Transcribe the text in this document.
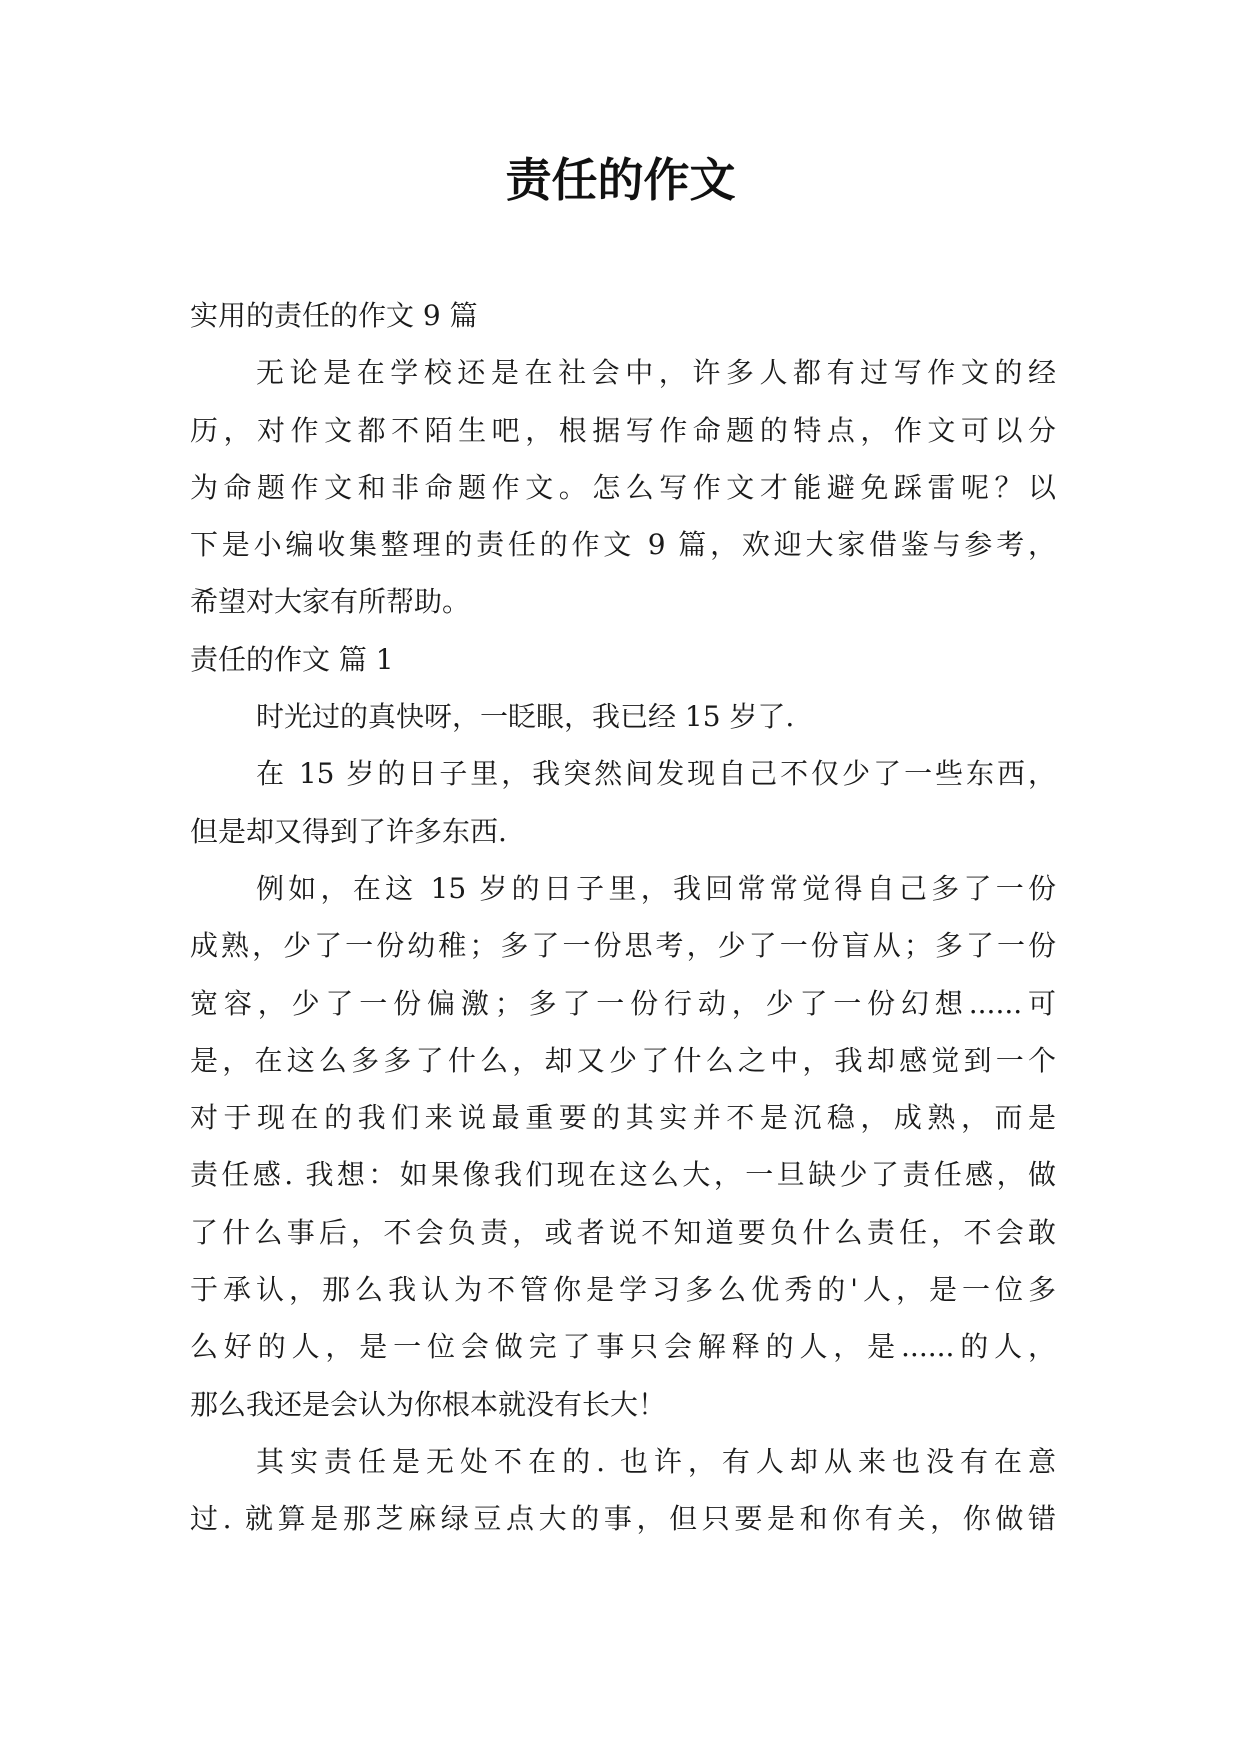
责任的作文

实用的责任的作文 9 篇

无论是在学校还是在社会中，许多人都有过写作文的经

历，对作文都不陌生吧，根据写作命题的特点，作文可以分

为命题作文和非命题作文。怎么写作文才能避免踩雷呢？以

下是小编收集整理的责任的作文 9 篇，欢迎大家借鉴与参考，

希望对大家有所帮助。

责任的作文 篇 1

时光过的真快呀，一眨眼，我已经 15 岁了.

在 15 岁的日子里，我突然间发现自己不仅少了一些东西，

但是却又得到了许多东西.

例如，在这 15 岁的日子里，我回常常觉得自己多了一份

成熟，少了一份幼稚；多了一份思考，少了一份盲从；多了一份

宽容，少了一份偏激；多了一份行动，少了一份幻想......可

是，在这么多多了什么，却又少了什么之中，我却感觉到一个

对于现在的我们来说最重要的其实并不是沉稳，成熟，而是

责任感. 我想：如果像我们现在这么大，一旦缺少了责任感，做

了什么事后，不会负责，或者说不知道要负什么责任，不会敢

于承认，那么我认为不管你是学习多么优秀的'人，是一位多

么好的人，是一位会做完了事只会解释的人，是......的人，

那么我还是会认为你根本就没有长大！

其实责任是无处不在的. 也许，有人却从来也没有在意

过. 就算是那芝麻绿豆点大的事，但只要是和你有关，你做错
